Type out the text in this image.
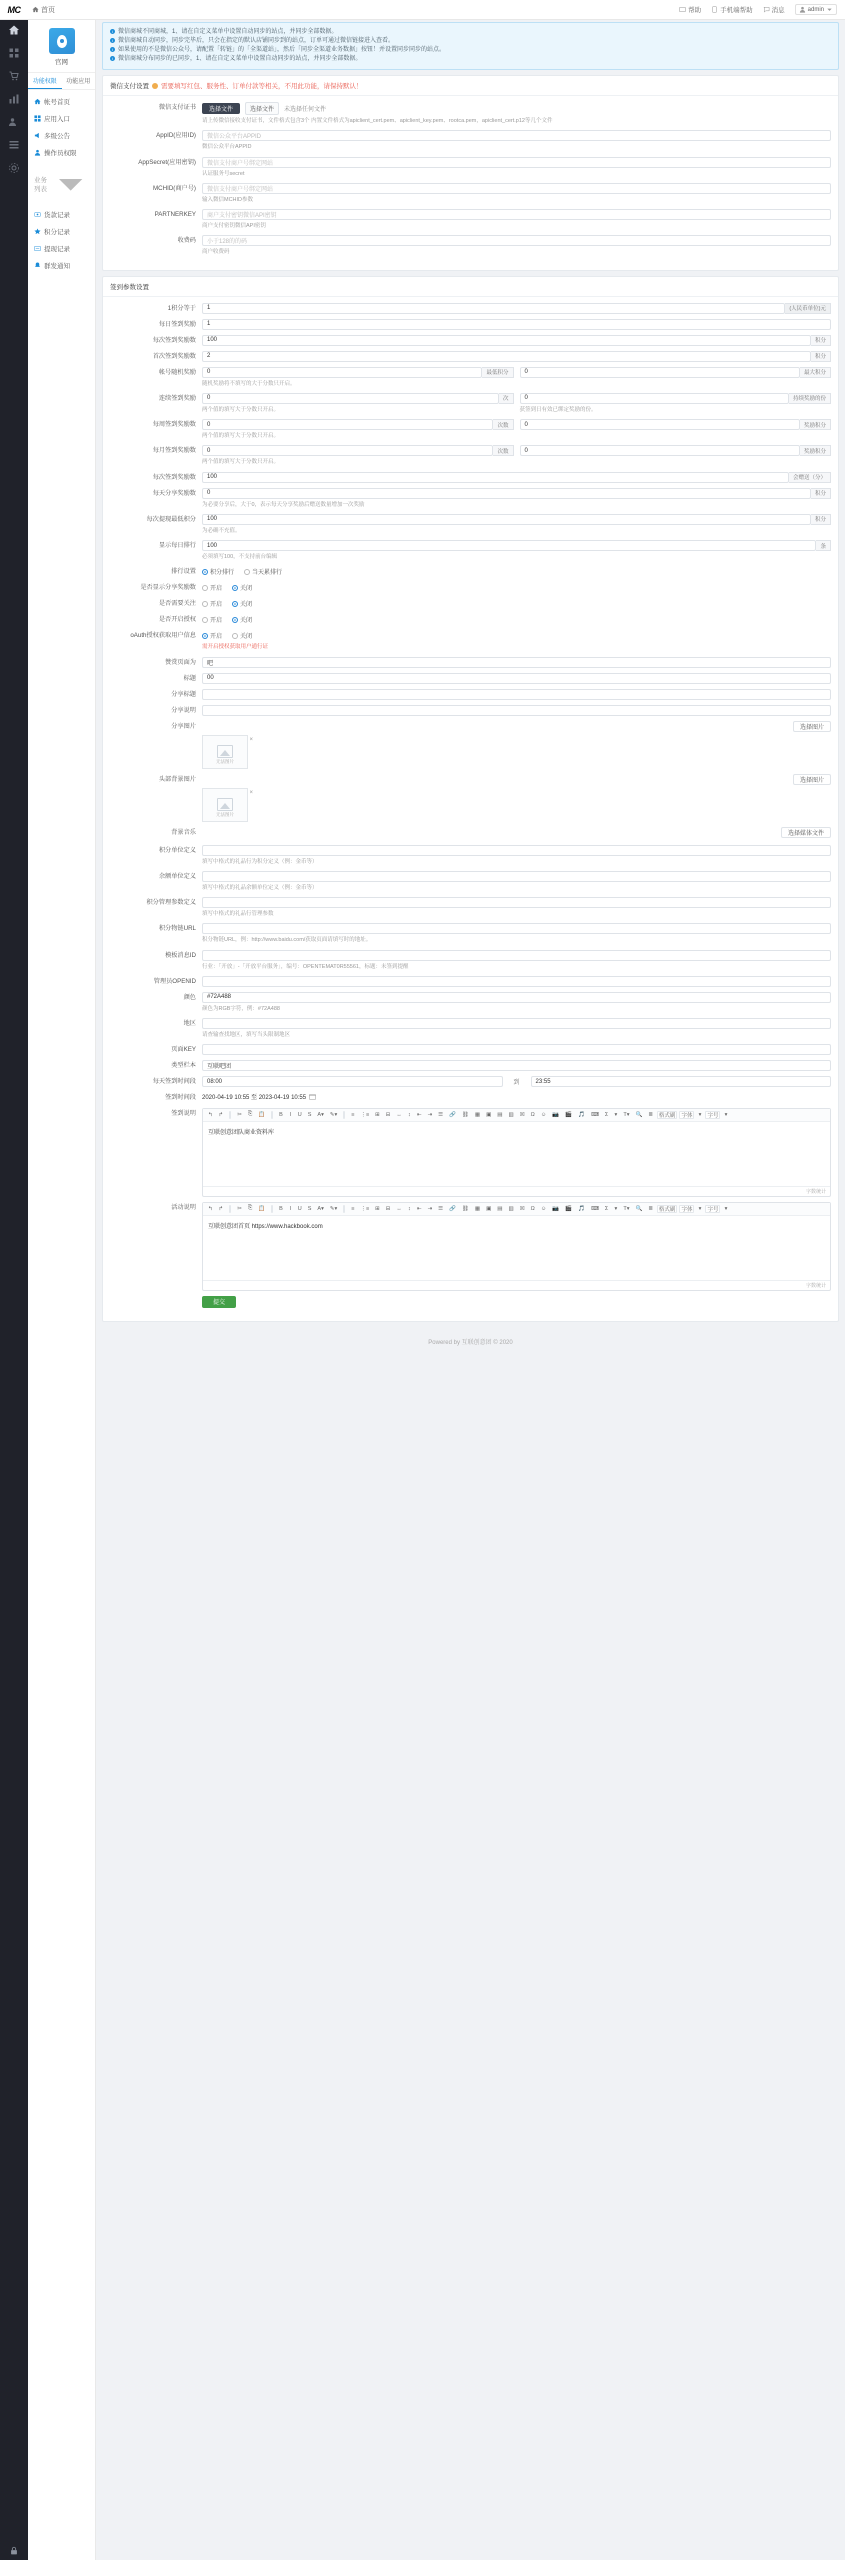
MC	首页	帮助	手机端帮助	消息	admin
官网
功能权限	功能应用
帐号首页
应用入口
多级公告
操作员权限
业务列表
货款记录
积分记录
提现记录
群发通知
i 微信商城不同商城，1、请在自定义菜单中设置自动同步的站点，并同步全部数据。
i 微信商城自动同步，同步完毕后，只会在指定的默认店铺同步到的站点，订单可通过微信链接进入查看。
i 如果使用的不是微信公众号，请配置「转链」的「全渠道站」，然后「同步全渠道业务数据」按钮！并设置同步同步的站点。
i 微信商城分布同步的已同步，1、请在自定义菜单中设置自动同步的站点，并同步全部数据。
微信支付设置 需要填写红包、服务性、订单付款等相关，不用此功能，请保持默认！
微信支付证书	选择文件	选择文件	未选择任何文件
请上传微信接收支付证书，文件格式包含3个 内置文件格式为apiclient_cert.pem、apiclient_key.pem、rootca.pem，apiclient_cert.p12等几个文件
AppID(应用ID)	微信公众平台APPID
微信公众平台APPID
AppSecret(应用密钥)	微信支付商户号绑定网站
认证服务号secret
MCHID(商户号)	微信支付商户号绑定网站
输入微信MCHID参数
PARTNERKEY	商户支付密钥微信API密钥
商户支付密钥微信API密钥
收费码	小于128的的码
商户收费码
签到参数设置
1积分等于	1	(人民币单位)元
每日签到奖励	1
每次签到奖励数	100	积分
首次签到奖励数	2	积分
帐号随机奖励	0	最低积分	0	最大积分
随机奖励将不填写的大于分数只开启。
连续签到奖励	0	次	0	持续奖励的份
两个值的填写大于分数只开启。	获签到日有效已绑定奖励的份。
每周签到奖励数	0	次数	0	奖励积分
两个值的填写大于分数只开启。
每月签到奖励数	0	次数	0	奖励积分
两个值的填写大于分数只开启。
每次签到奖励数	100	会赠送（分）
每天分享奖励数	0	积分
为必要分享后，大于0，表示每天分享奖励后赠送数量增加一次奖励
每次提现最低积分	100	积分
为必确不充值。
显示每日排行	100	条
必须填写100，不支持前台编辑
排行设置	积分排行	当天累排行
是否显示分享奖励数	开启	关闭
是否需要关注	开启	关闭
是否开启授权	开启	关闭
oAuth授权获取用户信息	开启	关闭
需开启授权获取用户通行证
赞赏页面为	吧
标题	00
分享标题
分享说明
分享图片	选择图片
无法图片
×
头部背景图片	选择图片
无法图片
×
背景音乐	选择媒体文件
积分单位定义
填写中格式的礼品行为积分定义（例：金币等）
余额单位定义
填写中格式的礼品余额单位定义（例：金币等）
积分管理参数定义
填写中格式的礼品行管理参数
积分物链URL
积分物链URL，例：http://www.baidu.com/获取页面请填写时的地址。
模板消息ID
行业：「开放」-「开放平台服务」，编号：OPENTEMAT0R55561，标题：未签到提醒
管理员OPENID
颜色	#72A488
颜色为RGB字符，例：#72A488
地区
请查输查找地区，填写当头限制地区
页面KEY
类型栏本	互联吧团
每天签到时间段	08:00	到	23:55
签到时间段	2020-04-19 10:55 至 2023-04-19 10:55
签到说明	↰	↱	✂	⎘	📋	B	I	U	S	A▾	✎▾	≡	⋮≡	⊞	⊟	↔	↕	⇤	⇥	☰	🔗	⛓	▦	▣	▤	▥	☒	Ω	☺	📷	🎬	🎵	⌨	Σ	▾	T▾	🔍	≣	格式刷	字体	▾	字号	▾
互联创意团队商业资料库
字数统计
活动说明	↰	↱	✂	⎘	📋	B	I	U	S	A▾	✎▾	≡	⋮≡	⊞	⊟	↔	↕	⇤	⇥	☰	🔗	⛓	▦	▣	▤	▥	☒	Ω	☺	📷	🎬	🎵	⌨	Σ	▾	T▾	🔍	≣	格式刷	字体	▾	字号	▾
互联创意团首页 https://www.hackbook.com
字数统计
提交
Powered by 互联创意团 © 2020
